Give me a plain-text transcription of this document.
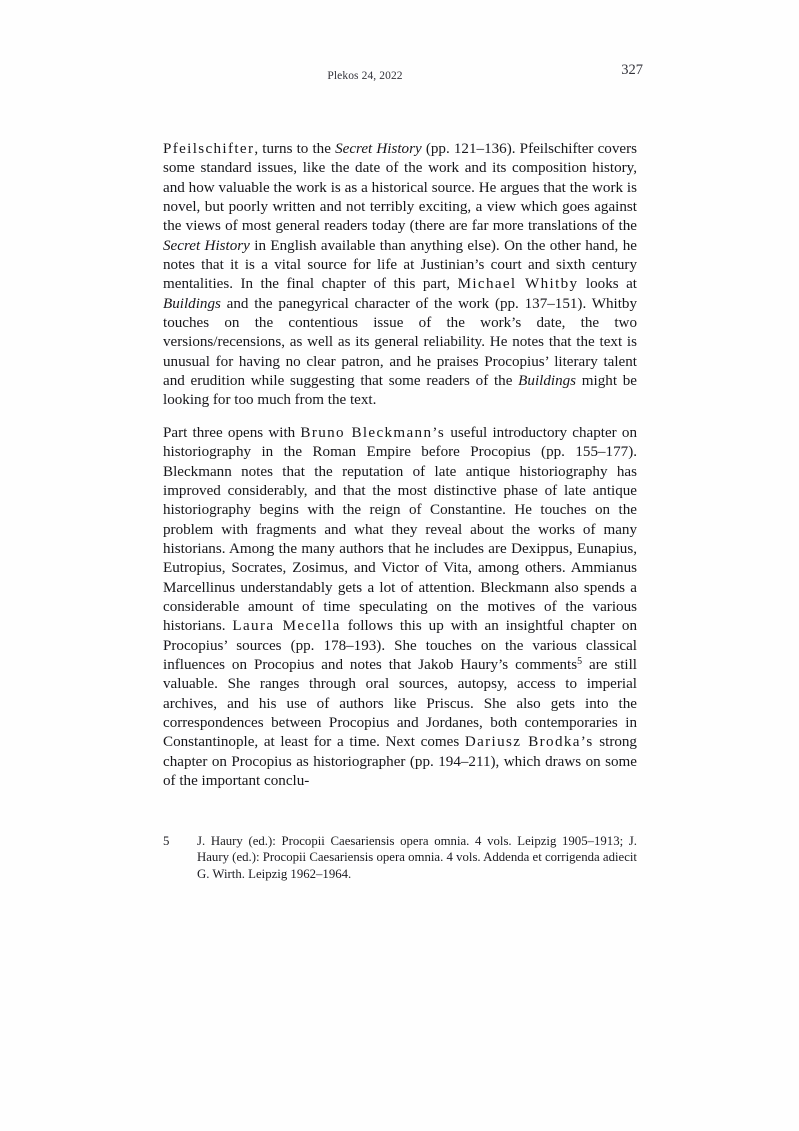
Plekos 24, 2022	327

Pfeilschifter, turns to the Secret History (pp. 121–136). Pfeilschifter covers some standard issues, like the date of the work and its composition history, and how valuable the work is as a historical source. He argues that the work is novel, but poorly written and not terribly exciting, a view which goes against the views of most general readers today (there are far more translations of the Secret History in English available than anything else). On the other hand, he notes that it is a vital source for life at Justinian’s court and sixth century mentalities. In the final chapter of this part, Michael Whitby looks at Buildings and the panegyrical character of the work (pp. 137–151). Whitby touches on the contentious issue of the work’s date, the two versions/recensions, as well as its general reliability. He notes that the text is unusual for having no clear patron, and he praises Procopius’ literary talent and erudition while suggesting that some readers of the Buildings might be looking for too much from the text.

Part three opens with Bruno Bleckmann’s useful introductory chapter on historiography in the Roman Empire before Procopius (pp. 155–177). Bleckmann notes that the reputation of late antique historiography has improved considerably, and that the most distinctive phase of late antique historiography begins with the reign of Constantine. He touches on the problem with fragments and what they reveal about the works of many historians. Among the many authors that he includes are Dexippus, Eunapius, Eutropius, Socrates, Zosimus, and Victor of Vita, among others. Ammianus Marcellinus understandably gets a lot of attention. Bleckmann also spends a considerable amount of time speculating on the motives of the various historians. Laura Mecella follows this up with an insightful chapter on Procopius’ sources (pp. 178–193). She touches on the various classical influences on Procopius and notes that Jakob Haury’s comments$^5$ are still valuable. She ranges through oral sources, autopsy, access to imperial archives, and his use of authors like Priscus. She also gets into the correspondences between Procopius and Jordanes, both contemporaries in Constantinople, at least for a time. Next comes Dariusz Brodka’s strong chapter on Procopius as historiographer (pp. 194–211), which draws on some of the important conclu-

5	J. Haury (ed.): Procopii Caesariensis opera omnia. 4 vols. Leipzig 1905–1913; J. Haury (ed.): Procopii Caesariensis opera omnia. 4 vols. Addenda et corrigenda adiecit G. Wirth. Leipzig 1962–1964.
